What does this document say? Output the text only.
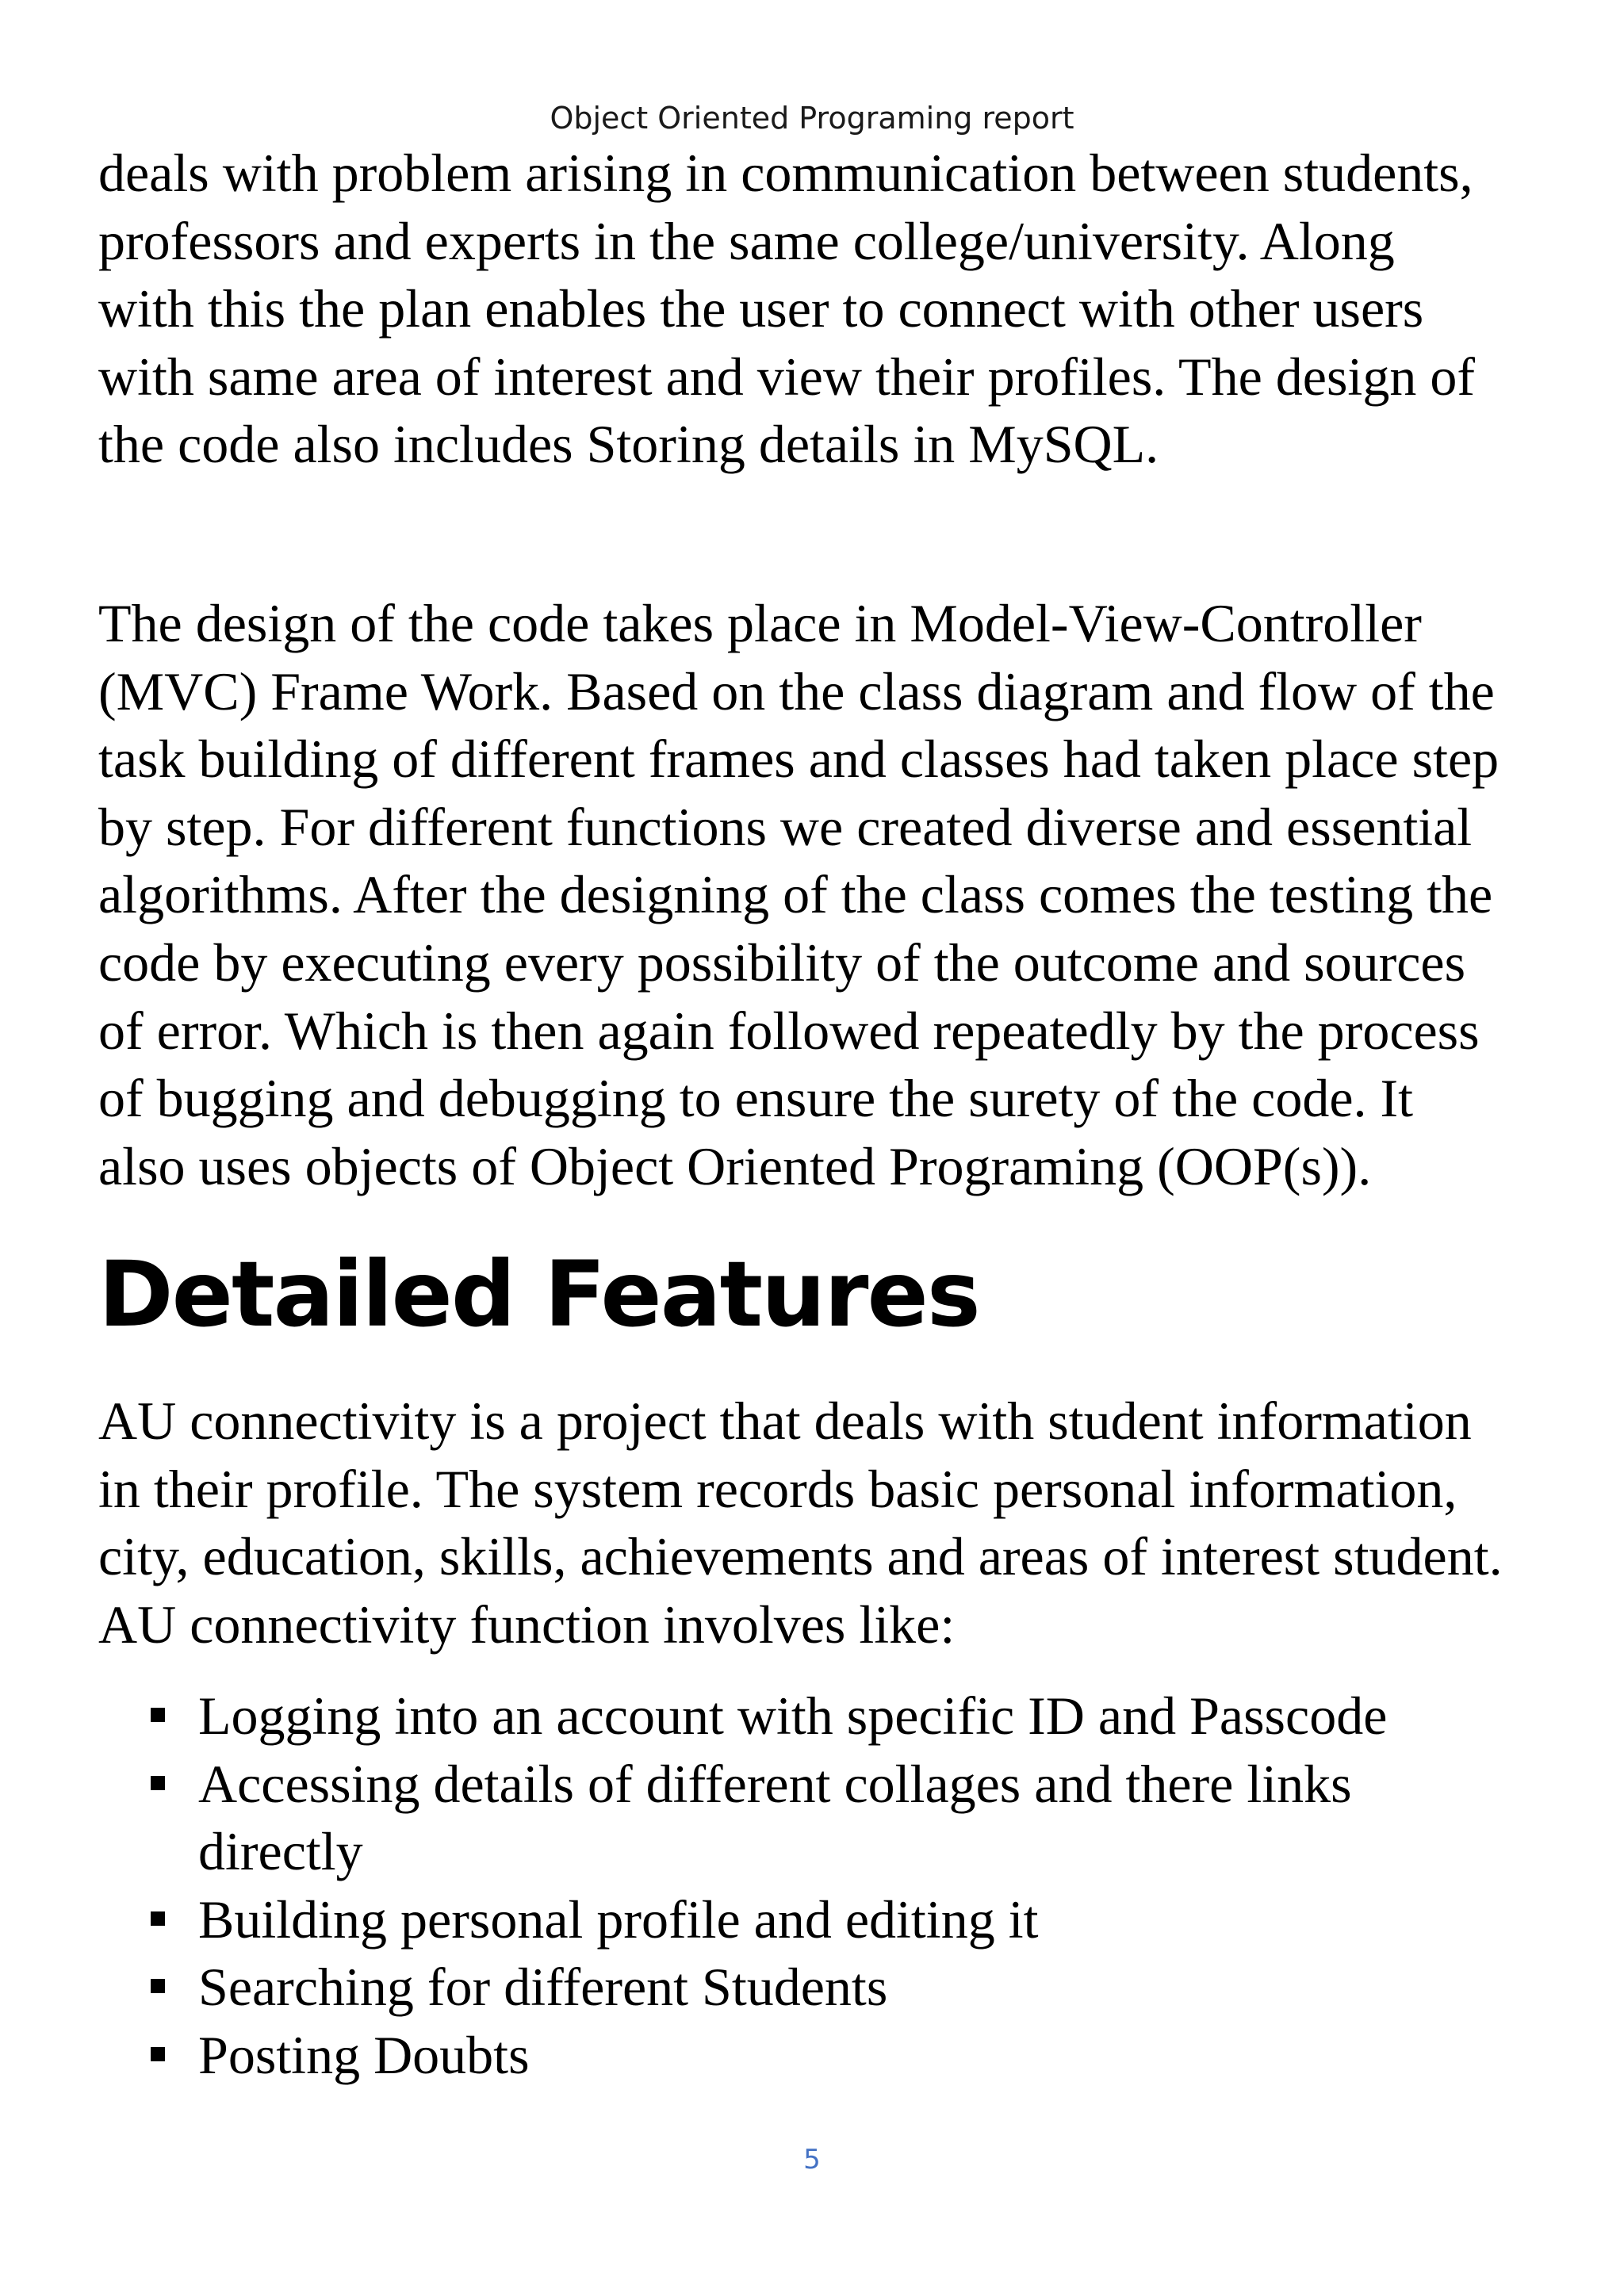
Object Oriented Programing report

deals with problem arising in communication between students,
professors and experts in the same college/university. Along
with this the plan enables the user to connect with other users
with same area of interest and view their profiles. The design of
the code also includes Storing details in MySQL.

The design of the code takes place in Model-View-Controller
(MVC) Frame Work. Based on the class diagram and flow of the
task building of different frames and classes had taken place step
by step. For different functions we created diverse and essential
algorithms. After the designing of the class comes the testing the
code by executing every possibility of the outcome and sources
of error. Which is then again followed repeatedly by the process
of bugging and debugging to ensure the surety of the code. It
also uses objects of Object Oriented Programing (OOP(s)).

Detailed Features

AU connectivity is a project that deals with student information
in their profile. The system records basic personal information,
city, education, skills, achievements and areas of interest student.
AU connectivity function involves like:

Logging into an account with specific ID and Passcode
Accessing details of different collages and there links
directly
Building personal profile and editing it
Searching for different Students
Posting Doubts
5
